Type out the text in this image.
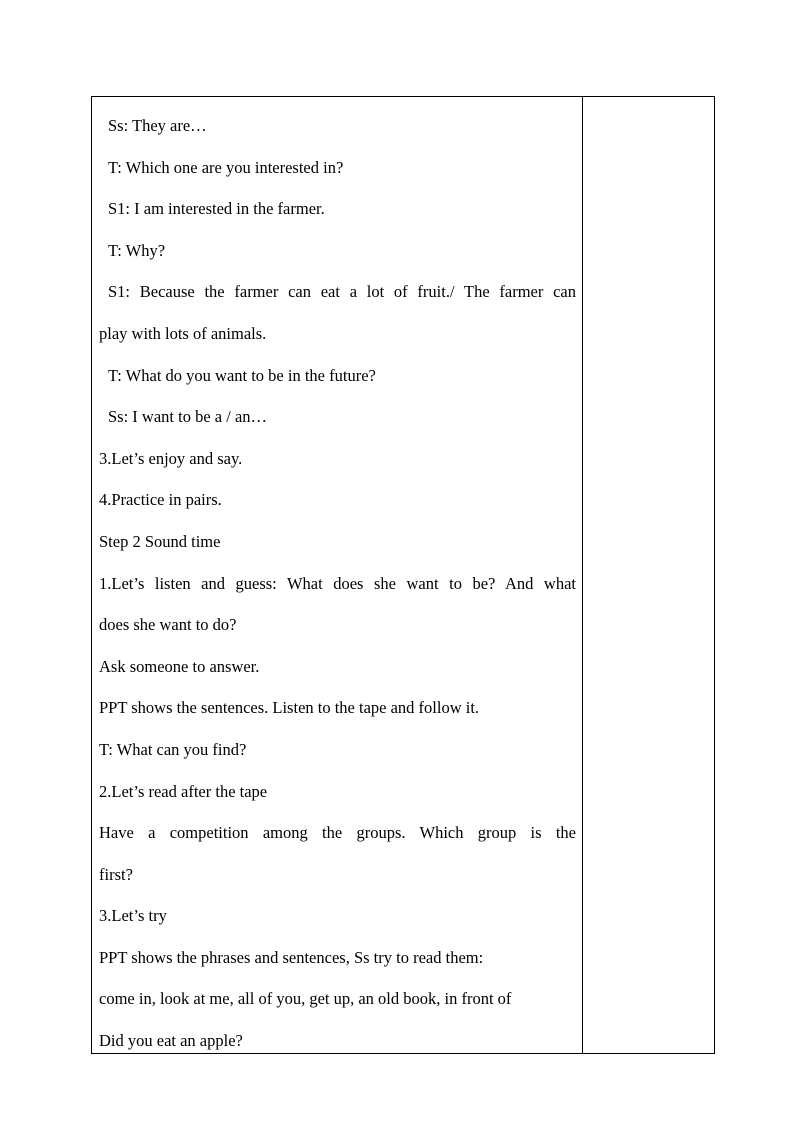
Ss: They are…
T: Which one are you interested in?
S1: I am interested in the farmer.
T: Why?
S1: Because the farmer can eat a lot of fruit./ The farmer can
play with lots of animals.
T: What do you want to be in the future?
Ss: I want to be a / an…
3.Let’s enjoy and say.
4.Practice in pairs.
Step 2 Sound time
1.Let’s listen and guess: What does she want to be? And what
does she want to do?
Ask someone to answer.
PPT shows the sentences. Listen to the tape and follow it.
T: What can you find?
2.Let’s read after the tape
Have a competition among the groups. Which group is the
first?
3.Let’s try
PPT shows the phrases and sentences, Ss try to read them:
come in, look at me, all of you, get up, an old book, in front of
Did you eat an apple?
